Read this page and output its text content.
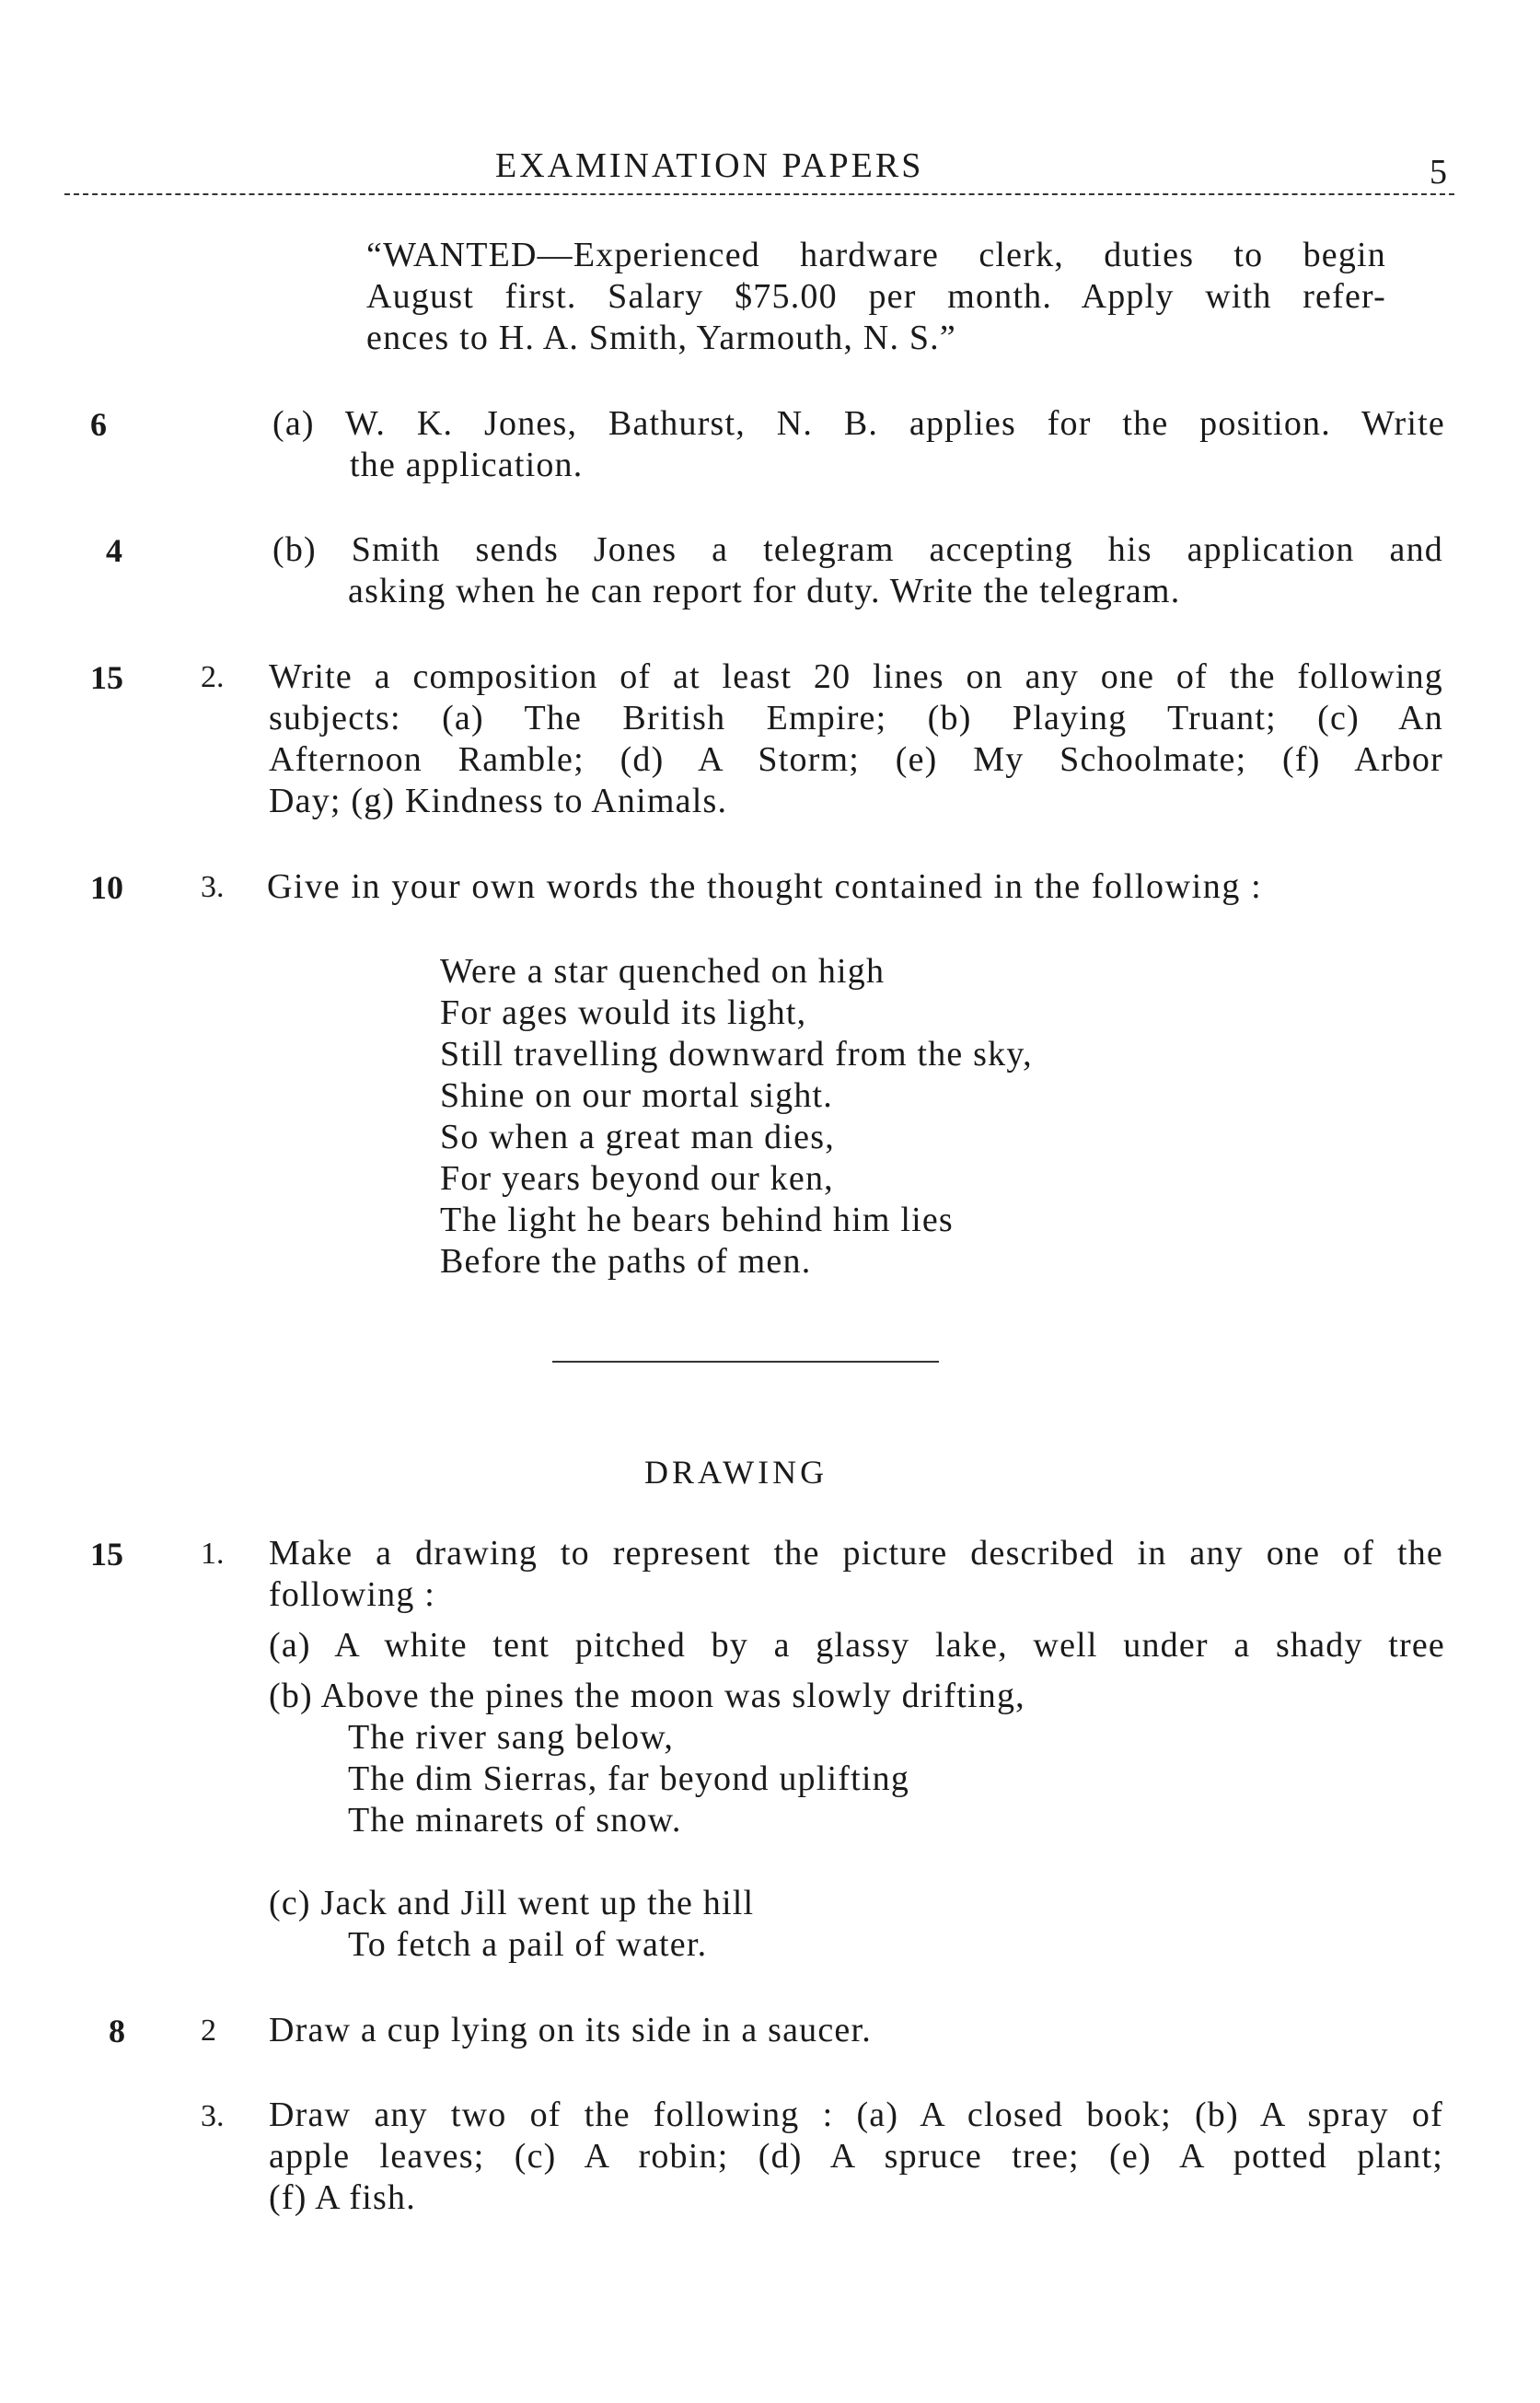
EXAMINATION PAPERS	5
“WANTED—Experienced hardware clerk, duties to begin
August first. Salary $75.00 per month. Apply with refer-
ences to H. A. Smith, Yarmouth, N. S.”
6	(a) W. K. Jones, Bathurst, N. B. applies for the position. Write
the application.
4	(b) Smith sends Jones a telegram accepting his application and
asking when he can report for duty. Write the telegram.
15 2. Write a composition of at least 20 lines on any one of the following
subjects: (a) The British Empire; (b) Playing Truant; (c) An
Afternoon Ramble; (d) A Storm; (e) My Schoolmate; (f) Arbor
Day; (g) Kindness to Animals.
10 3. Give in your own words the thought contained in the following :
Were a star quenched on high
For ages would its light,
Still travelling downward from the sky,
Shine on our mortal sight.
So when a great man dies,
For years beyond our ken,
The light he bears behind him lies
Before the paths of men.
DRAWING
15 1. Make a drawing to represent the picture described in any one of the
following :
(a) A white tent pitched by a glassy lake, well under a shady tree
(b) Above the pines the moon was slowly drifting,
The river sang below,
The dim Sierras, far beyond uplifting
The minarets of snow.
(c) Jack and Jill went up the hill
To fetch a pail of water.
8 2 Draw a cup lying on its side in a saucer.
3. Draw any two of the following : (a) A closed book; (b) A spray of
apple leaves; (c) A robin; (d) A spruce tree; (e) A potted plant;
(f) A fish.
